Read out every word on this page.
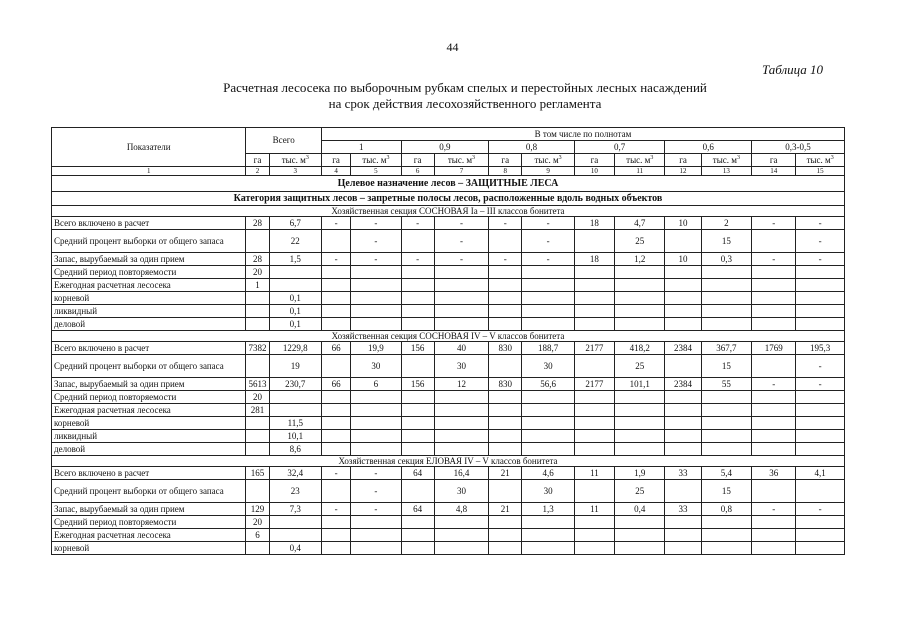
44
Таблица 10
Расчетная лесосека по выборочным рубкам спелых и перестойных лесных насаждений
на срок действия лесохозяйственного регламента
Показатели	Всего		В том числе по полнотам											
			1		0,9		0,8		0,7		0,6		0,3-0,5	
	га	тыс. $м^3$	га	тыс. $м^3$	га	тыс. $м^3$	га	тыс. $м^3$	га	тыс. $м^3$	га	тыс. $м^3$	га	тыс. $м^3$
1	2	3	4	5	6	7	8	9	10	11	12	13	14	15
Целевое назначение лесов – ЗАЩИТНЫЕ ЛЕСА														
Категория защитных лесов – запретные полосы лесов, расположенные вдоль водных объектов														
Хозяйственная секция СОСНОВАЯ Iа – III классов бонитета														
Всего включено в расчет	28	6,7	-	-	-	-	-	-	18	4,7	10	2	-	-
Средний процент выборки от общего запаса		22		-		-		-		25		15		-
Запас, вырубаемый за один прием	28	1,5	-	-	-	-	-	-	18	1,2	10	0,3	-	-
Средний период повторяемости	20													
Ежегодная расчетная лесосека	1													
корневой		0,1												
ликвидный		0,1												
деловой		0,1												
Хозяйственная секция СОСНОВАЯ IV – V классов бонитета														
Всего включено в расчет	7382	1229,8	66	19,9	156	40	830	188,7	2177	418,2	2384	367,7	1769	195,3
Средний процент выборки от общего запаса		19		30		30		30		25		15		-
Запас, вырубаемый за один прием	5613	230,7	66	6	156	12	830	56,6	2177	101,1	2384	55	-	-
Средний период повторяемости	20													
Ежегодная расчетная лесосека	281													
корневой		11,5												
ликвидный		10,1												
деловой		8,6												
Хозяйственная секция ЕЛОВАЯ IV – V классов бонитета														
Всего включено в расчет	165	32,4	-	-	64	16,4	21	4,6	11	1,9	33	5,4	36	4,1
Средний процент выборки от общего запаса		23		-		30		30		25		15		
Запас, вырубаемый за один прием	129	7,3	-	-	64	4,8	21	1,3	11	0,4	33	0,8	-	-
Средний период повторяемости	20													
Ежегодная расчетная лесосека	6													
корневой		0,4												
